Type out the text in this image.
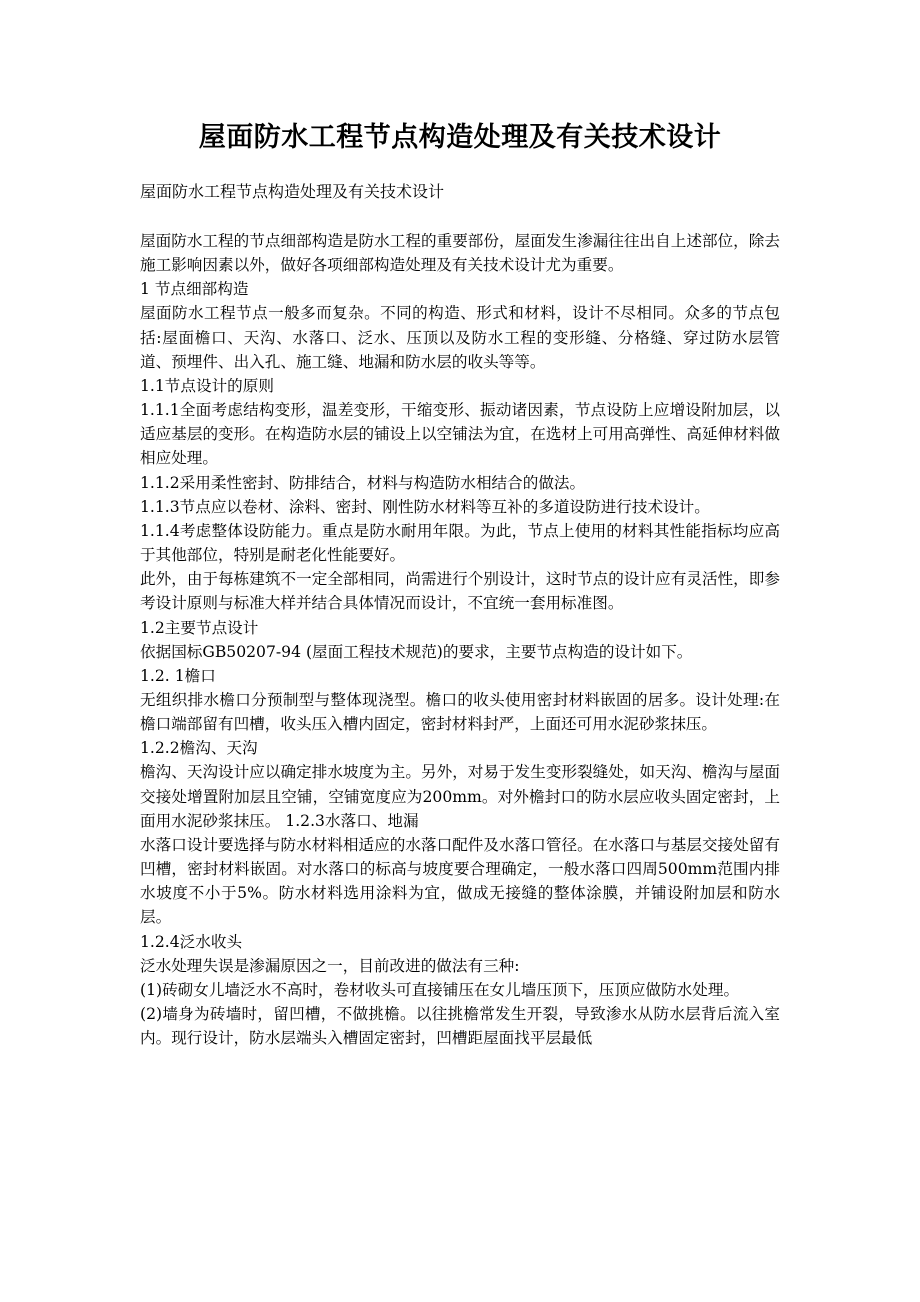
屋面防水工程节点构造处理及有关技术设计
屋面防水工程节点构造处理及有关技术设计

屋面防水工程的节点细部构造是防水工程的重要部份，屋面发生渗漏往往出自上述部位，除去施工影响因素以外，做好各项细部构造处理及有关技术设计尤为重要。

1 节点细部构造

屋面防水工程节点一般多而复杂。不同的构造、形式和材料，设计不尽相同。众多的节点包括:屋面檐口、天沟、水落口、泛水、压顶以及防水工程的变形缝、分格缝、穿过防水层管道、预埋件、出入孔、施工缝、地漏和防水层的收头等等。

1.1节点设计的原则

1.1.1全面考虑结构变形，温差变形，干缩变形、振动诸因素，节点设防上应增设附加层，以适应基层的变形。在构造防水层的铺设上以空铺法为宜，在选材上可用高弹性、高延伸材料做相应处理。

1.1.2采用柔性密封、防排结合，材料与构造防水相结合的做法。

1.1.3节点应以卷材、涂料、密封、刚性防水材料等互补的多道设防进行技术设计。

1.1.4考虑整体设防能力。重点是防水耐用年限。为此，节点上使用的材料其性能指标均应高于其他部位，特别是耐老化性能要好。

此外，由于每栋建筑不一定全部相同，尚需进行个别设计，这时节点的设计应有灵活性，即参考设计原则与标准大样并结合具体情况而设计，不宜统一套用标准图。

1.2主要节点设计

依据国标GB50207-94 (屋面工程技术规范)的要求，主要节点构造的设计如下。

1.2. 1檐口

无组织排水檐口分预制型与整体现浇型。檐口的收头使用密封材料嵌固的居多。设计处理:在檐口端部留有凹槽，收头压入槽内固定，密封材料封严，上面还可用水泥砂浆抹压。

1.2.2檐沟、天沟

檐沟、天沟设计应以确定排水坡度为主。另外，对易于发生变形裂缝处，如天沟、檐沟与屋面交接处增置附加层且空铺，空铺宽度应为200mm。对外檐封口的防水层应收头固定密封，上面用水泥砂浆抹压。 1.2.3水落口、地漏

水落口设计要选择与防水材料相适应的水落口配件及水落口管径。在水落口与基层交接处留有凹槽，密封材料嵌固。对水落口的标高与坡度要合理确定，一般水落口四周500mm范围内排水坡度不小于5%。防水材料选用涂料为宜，做成无接缝的整体涂膜，并铺设附加层和防水层。

1.2.4泛水收头

泛水处理失误是渗漏原因之一，目前改进的做法有三种:

(1)砖砌女儿墙泛水不高时，卷材收头可直接铺压在女儿墙压顶下，压顶应做防水处理。

(2)墙身为砖墙时，留凹槽，不做挑檐。以往挑檐常发生开裂，导致渗水从防水层背后流入室内。现行设计，防水层端头入槽固定密封，凹槽距屋面找平层最低
